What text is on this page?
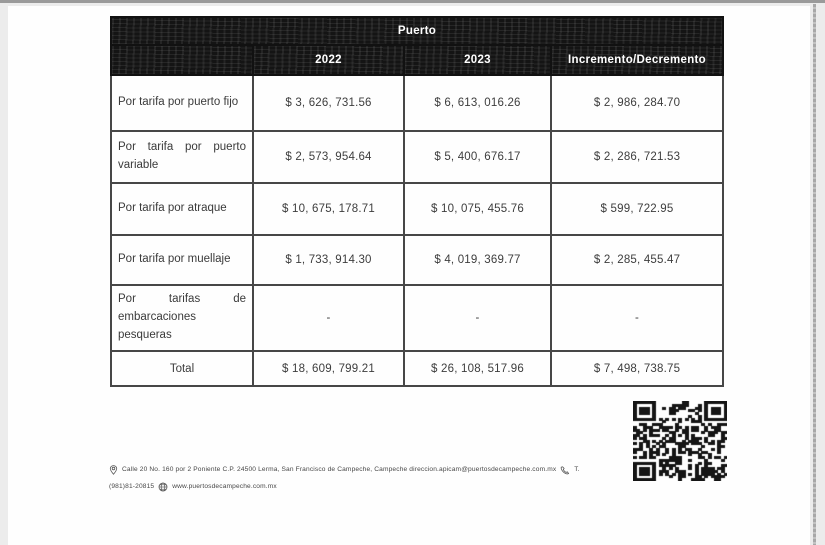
Puerto			
	2022	2023	Incremento/Decremento
Por tarifa por puerto fijo	$ 3, 626, 731.56	$ 6, 613, 016.26	$ 2, 986, 284.70
Por tarifa por puerto variable	$ 2, 573, 954.64	$ 5, 400, 676.17	$ 2, 286, 721.53
Por tarifa por atraque	$ 10, 675, 178.71	$ 10, 075, 455.76	$ 599, 722.95
Por tarifa por muellaje	$ 1, 733, 914.30	$ 4, 019, 369.77	$ 2, 285, 455.47
Por tarifas de embarcaciones pesqueras	-	-	-
Total	$ 18, 609, 799.21	$ 26, 108, 517.96	$ 7, 498, 738.75
Calle 20 No. 160 por 2 Poniente C.P. 24500 Lerma, San Francisco de Campeche, Campeche direccion.apicam@puertosdecampeche.com.mx	T.
(981)81-20815	www.puertosdecampeche.com.mx
